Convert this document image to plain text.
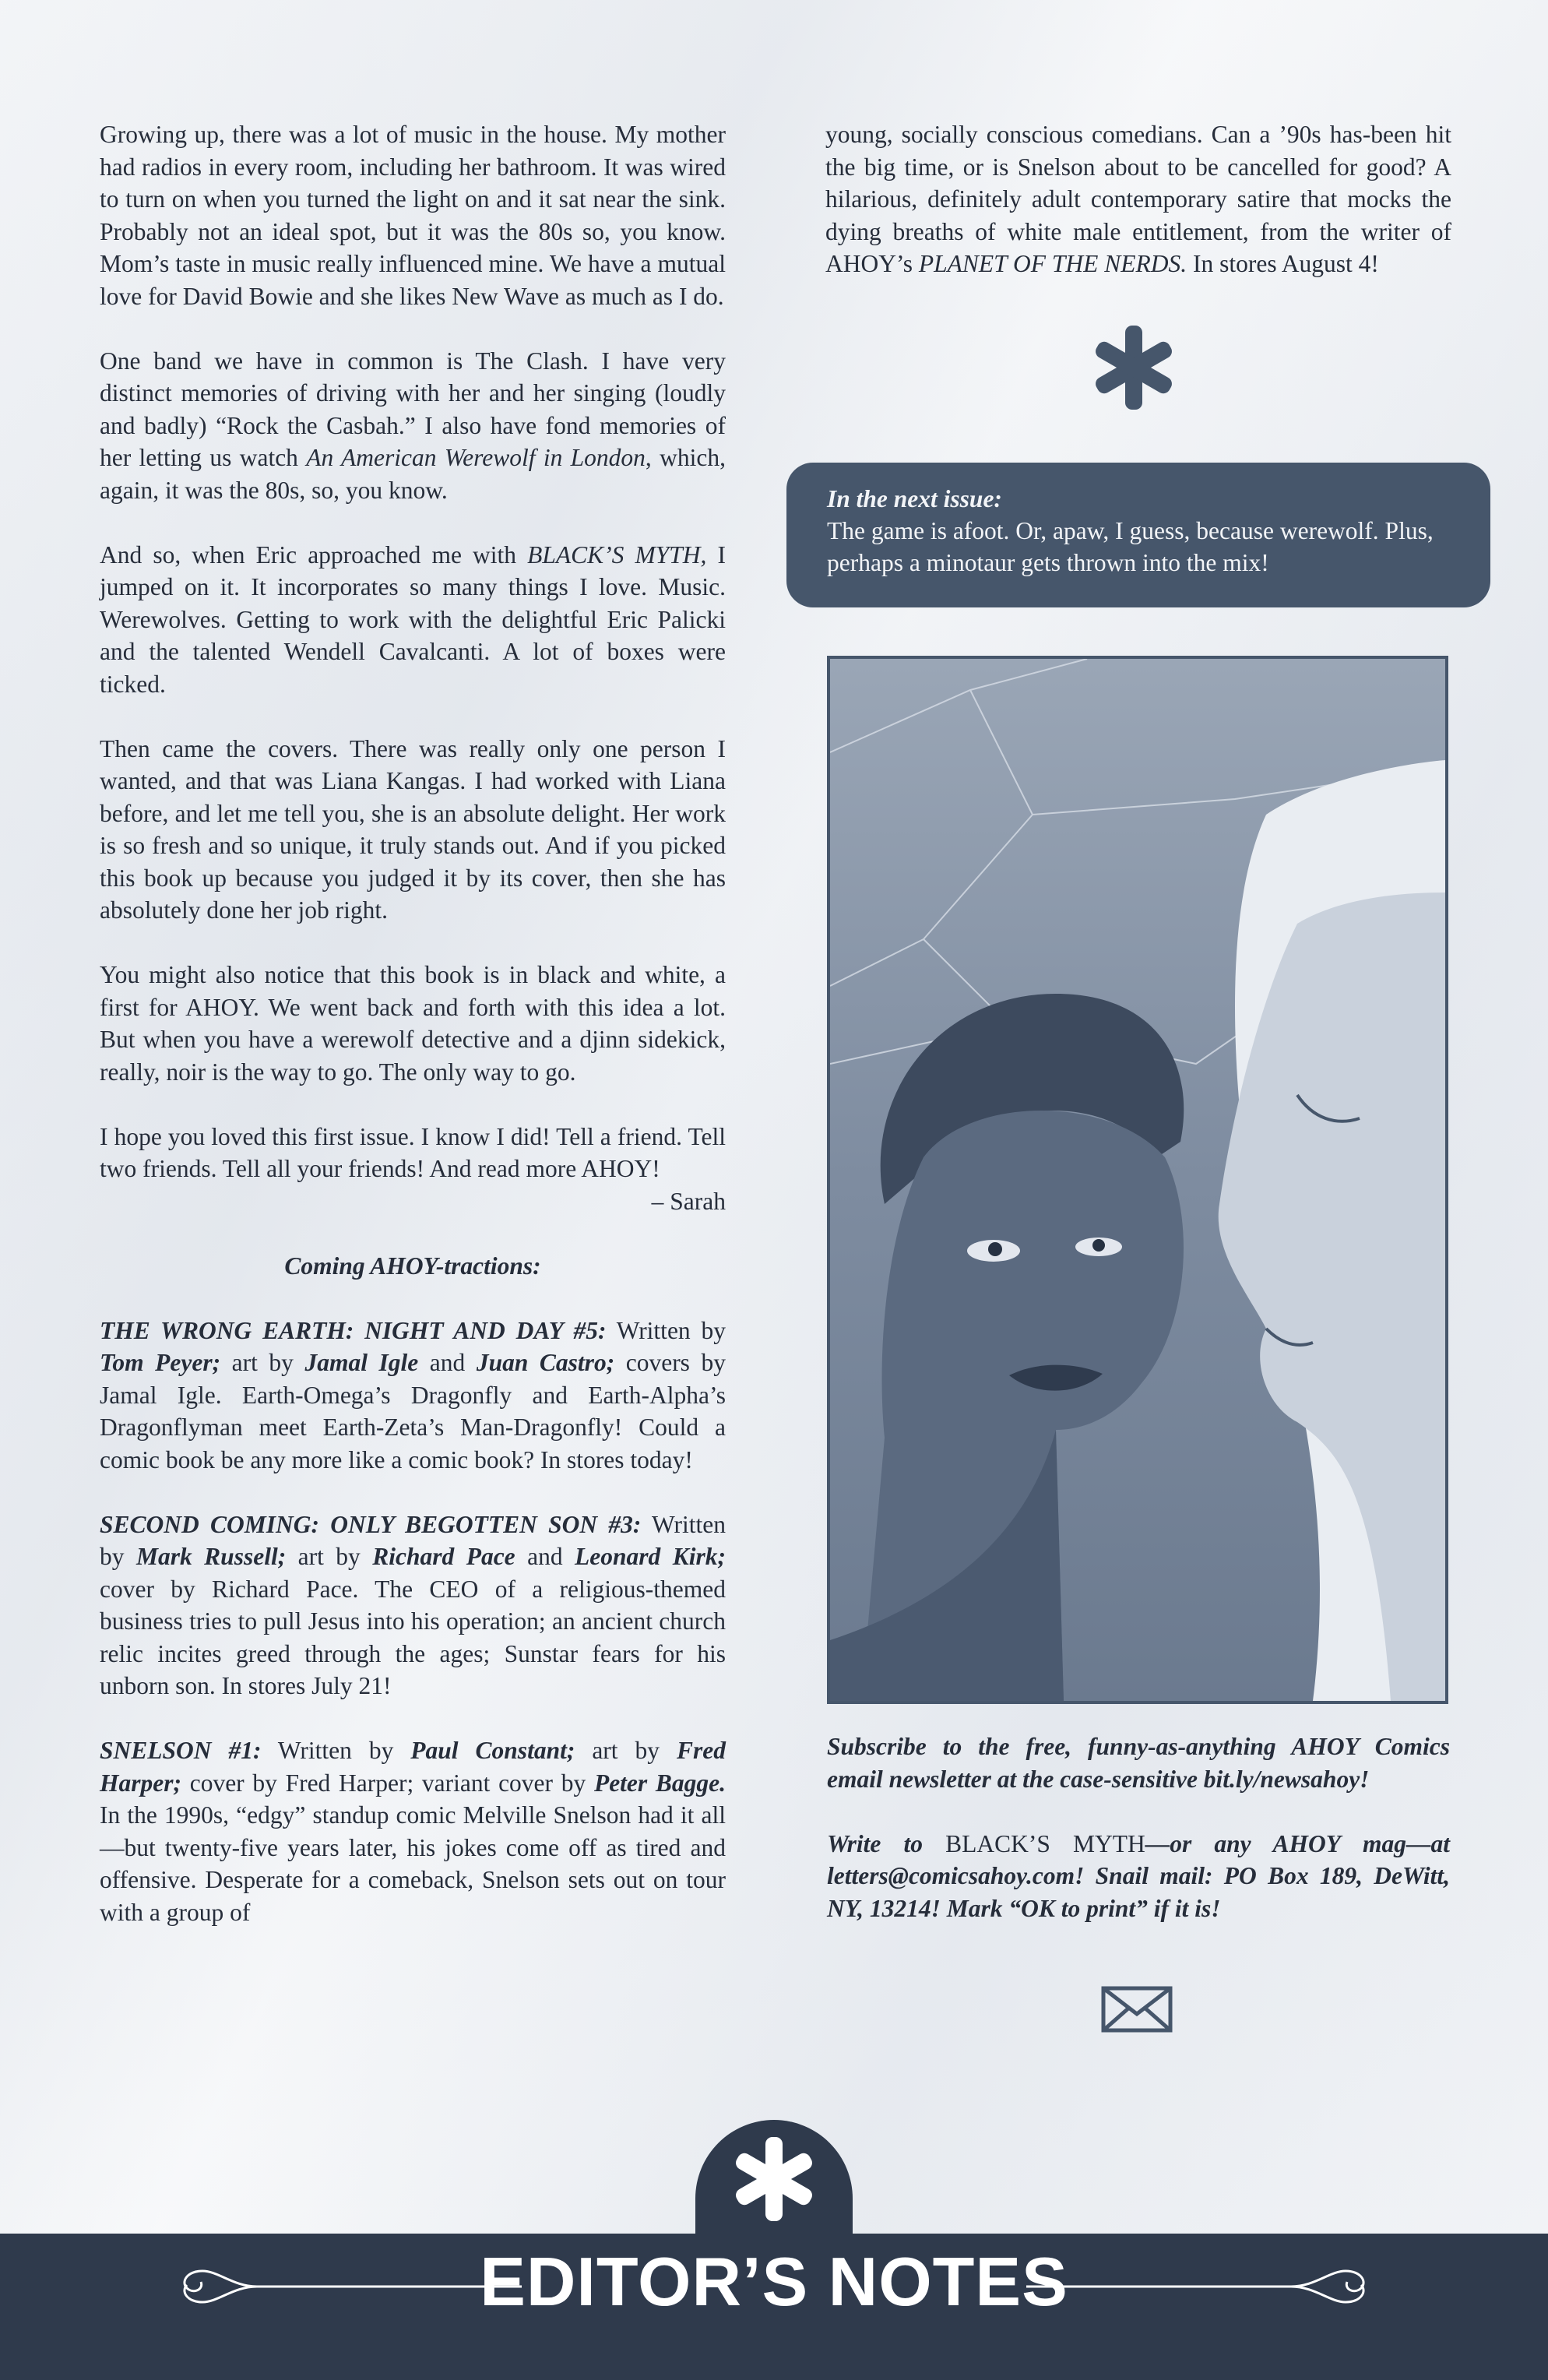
Growing up, there was a lot of music in the house. My mother had radios in every room, including her bathroom. It was wired to turn on when you turned the light on and it sat near the sink. Probably not an ideal spot, but it was the 80s so, you know. Mom’s taste in music really influenced mine. We have a mutual love for David Bowie and she likes New Wave as much as I do.

One band we have in common is The Clash. I have very distinct memories of driving with her and her singing (loudly and badly) “Rock the Casbah.” I also have fond memories of her letting us watch An American Werewolf in London, which, again, it was the 80s, so, you know.

And so, when Eric approached me with BLACK’S MYTH, I jumped on it. It incorporates so many things I love. Music. Werewolves. Getting to work with the delightful Eric Palicki and the talented Wendell Cavalcanti. A lot of boxes were ticked.

Then came the covers. There was really only one person I wanted, and that was Liana Kangas. I had worked with Liana before, and let me tell you, she is an absolute delight. Her work is so fresh and so unique, it truly stands out. And if you picked this book up because you judged it by its cover, then she has absolutely done her job right.

You might also notice that this book is in black and white, a first for AHOY. We went back and forth with this idea a lot. But when you have a werewolf detective and a djinn sidekick, really, noir is the way to go. The only way to go.

I hope you loved this first issue. I know I did! Tell a friend. Tell two friends. Tell all your friends! And read more AHOY!

– Sarah

Coming AHOY-tractions:

THE WRONG EARTH: NIGHT AND DAY #5: Written by Tom Peyer; art by Jamal Igle and Juan Castro; covers by Jamal Igle. Earth-Omega’s Dragonfly and Earth-Alpha’s Dragonflyman meet Earth-Zeta’s Man-Dragonfly! Could a comic book be any more like a comic book? In stores today!

SECOND COMING: ONLY BEGOTTEN SON #3: Written by Mark Russell; art by Richard Pace and Leonard Kirk; cover by Richard Pace. The CEO of a religious-themed business tries to pull Jesus into his operation; an ancient church relic incites greed through the ages; Sunstar fears for his unborn son. In stores July 21!

SNELSON #1: Written by Paul Constant; art by Fred Harper; cover by Fred Harper; variant cover by Peter Bagge. In the 1990s, “edgy” standup comic Melville Snelson had it all—but twenty-five years later, his jokes come off as tired and offensive. Desperate for a comeback, Snelson sets out on tour with a group of

young, socially conscious comedians. Can a ’90s has-been hit the big time, or is Snelson about to be cancelled for good? A hilarious, definitely adult contemporary satire that mocks the dying breaths of white male entitlement, from the writer of AHOY’s PLANET OF THE NERDS. In stores August 4!

In the next issue:
The game is afoot. Or, apaw, I guess, because werewolf. Plus, perhaps a minotaur gets thrown into the mix!

Subscribe to the free, funny-as-anything AHOY Comics email newsletter at the case-sensitive bit.ly/newsahoy!

Write to BLACK’S MYTH—or any AHOY mag—at letters@comicsahoy.com! Snail mail: PO Box 189, DeWitt, NY, 13214! Mark “OK to print” if it is!

EDITOR’S NOTES
